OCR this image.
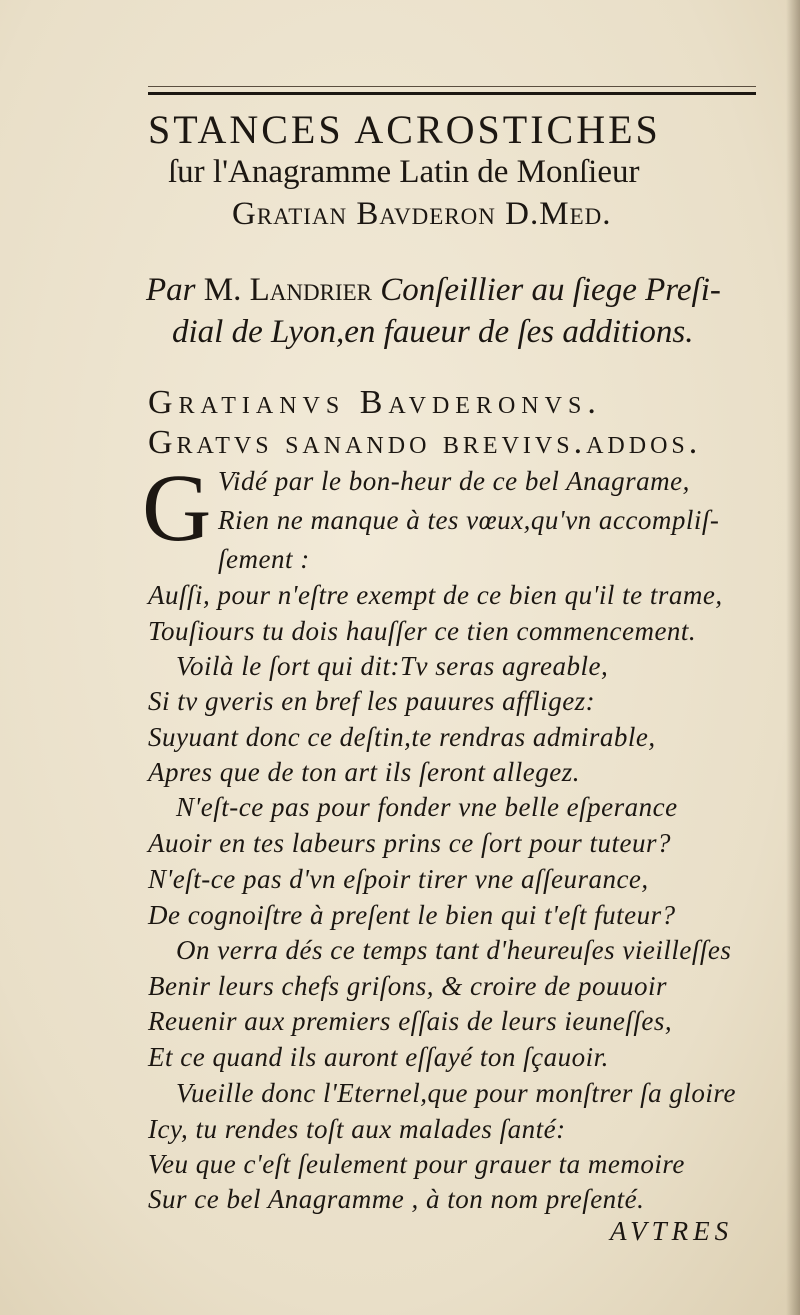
STANCES ACROSTICHES
ſur l'Anagramme Latin de Monſieur
Gratian Bavderon D.Med.
Par M. Landrier Conſeillier au ſiege Preſi-
dial de Lyon,en faueur de ſes additions.
Gratianvs Bavderonvs.
Gratvs sanando brevivs.addos.
G Vidé par le bon-heur de ce bel Anagrame,

Rien ne manque à tes vœux,qu'vn accompliſ-

ſement :

Auſſi, pour n'eſtre exempt de ce bien qu'il te trame,

Touſiours tu dois hauſſer ce tien commencement.

Voilà le ſort qui dit:Tv seras agreable,

Si tv gveris en bref les pauures affligez:

Suyuant donc ce deſtin,te rendras admirable,

Apres que de ton art ils ſeront allegez.

N'eſt-ce pas pour fonder vne belle eſperance

Auoir en tes labeurs prins ce ſort pour tuteur?

N'eſt-ce pas d'vn eſpoir tirer vne aſſeurance,

De cognoiſtre à preſent le bien qui t'eſt futeur?

On verra dés ce temps tant d'heureuſes vieilleſſes

Benir leurs chefs griſons, & croire de pouuoir

Reuenir aux premiers eſſais de leurs ieuneſſes,

Et ce quand ils auront eſſayé ton ſçauoir.

Vueille donc l'Eternel,que pour monſtrer ſa gloire

Icy, tu rendes toſt aux malades ſanté:

Veu que c'eſt ſeulement pour grauer ta memoire

Sur ce bel Anagramme , à ton nom preſenté.

AVTRES
